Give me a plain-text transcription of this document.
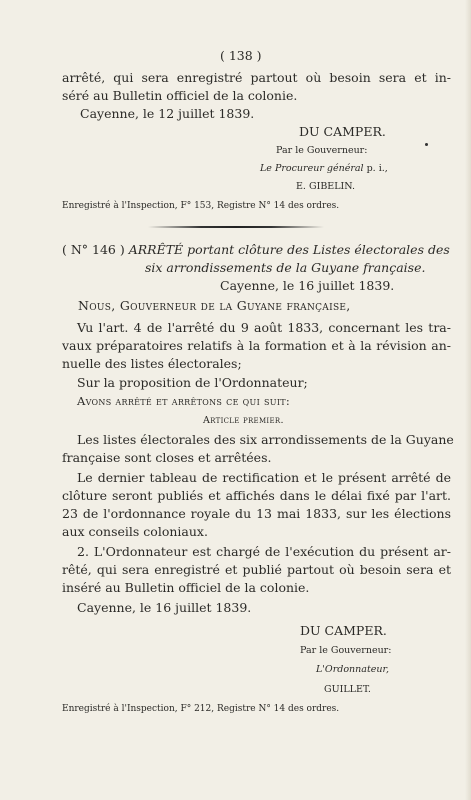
( 138 )
arrêté, qui sera enregistré partout où besoin sera et in-
séré au Bulletin officiel de la colonie.
Cayenne, le 12 juillet 1839.
DU CAMPER.
Par le Gouverneur:
Le Procureur général p. i.,
E. GIBELIN.
Enregistré à l'Inspection, F° 153, Registre N° 14 des ordres.
( N° 146 ) ARRÊTÉ portant clôture des Listes électorales des
six arrondissements de la Guyane française.
Cayenne, le 16 juillet 1839.
Nous, Gouverneur de la Guyane française,
Vu l'art. 4 de l'arrêté du 9 août 1833, concernant les tra-
vaux préparatoires relatifs à la formation et à la révision an-
nuelle des listes électorales;
Sur la proposition de l'Ordonnateur;
Avons arrêté et arrêtons ce qui suit:
Article premier.
Les listes électorales des six arrondissements de la Guyane
française sont closes et arrêtées.
Le dernier tableau de rectification et le présent arrêté de
clôture seront publiés et affichés dans le délai fixé par l'art.
23 de l'ordonnance royale du 13 mai 1833, sur les élections
aux conseils coloniaux.
2. L'Ordonnateur est chargé de l'exécution du présent ar-
rêté, qui sera enregistré et publié partout où besoin sera et
inséré au Bulletin officiel de la colonie.
Cayenne, le 16 juillet 1839.
DU CAMPER.
Par le Gouverneur:
L'Ordonnateur,
GUILLET.
Enregistré à l'Inspection, F° 212, Registre N° 14 des ordres.
